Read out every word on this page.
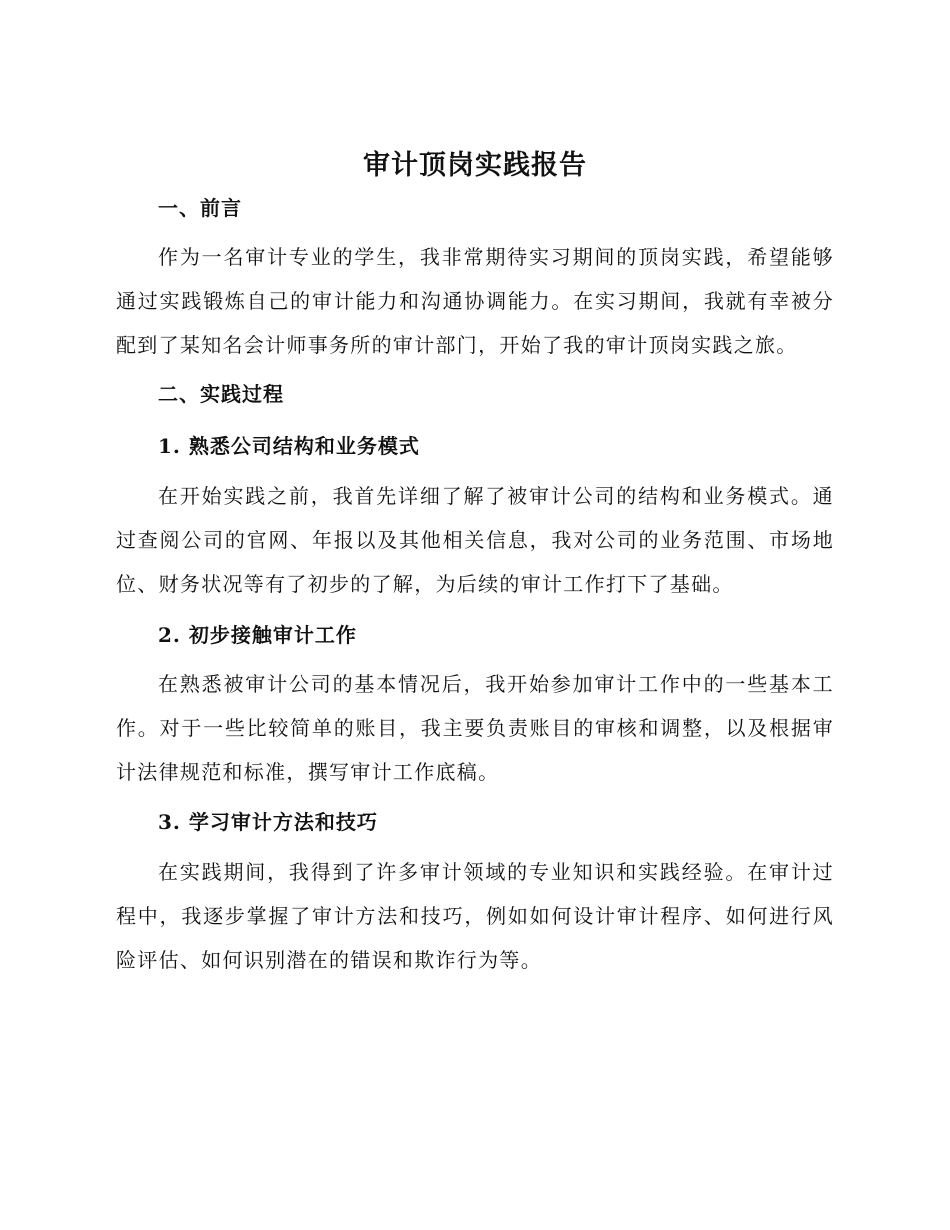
审计顶岗实践报告
一、前言

作为一名审计专业的学生，我非常期待实习期间的顶岗实践，希望能够通过实践锻炼自己的审计能力和沟通协调能力。在实习期间，我就有幸被分配到了某知名会计师事务所的审计部门，开始了我的审计顶岗实践之旅。

二、实践过程
1. 熟悉公司结构和业务模式

在开始实践之前，我首先详细了解了被审计公司的结构和业务模式。通过查阅公司的官网、年报以及其他相关信息，我对公司的业务范围、市场地位、财务状况等有了初步的了解，为后续的审计工作打下了基础。

2. 初步接触审计工作

在熟悉被审计公司的基本情况后，我开始参加审计工作中的一些基本工作。对于一些比较简单的账目，我主要负责账目的审核和调整，以及根据审计法律规范和标准，撰写审计工作底稿。

3. 学习审计方法和技巧

在实践期间，我得到了许多审计领域的专业知识和实践经验。在审计过程中，我逐步掌握了审计方法和技巧，例如如何设计审计程序、如何进行风险评估、如何识别潜在的错误和欺诈行为等。
